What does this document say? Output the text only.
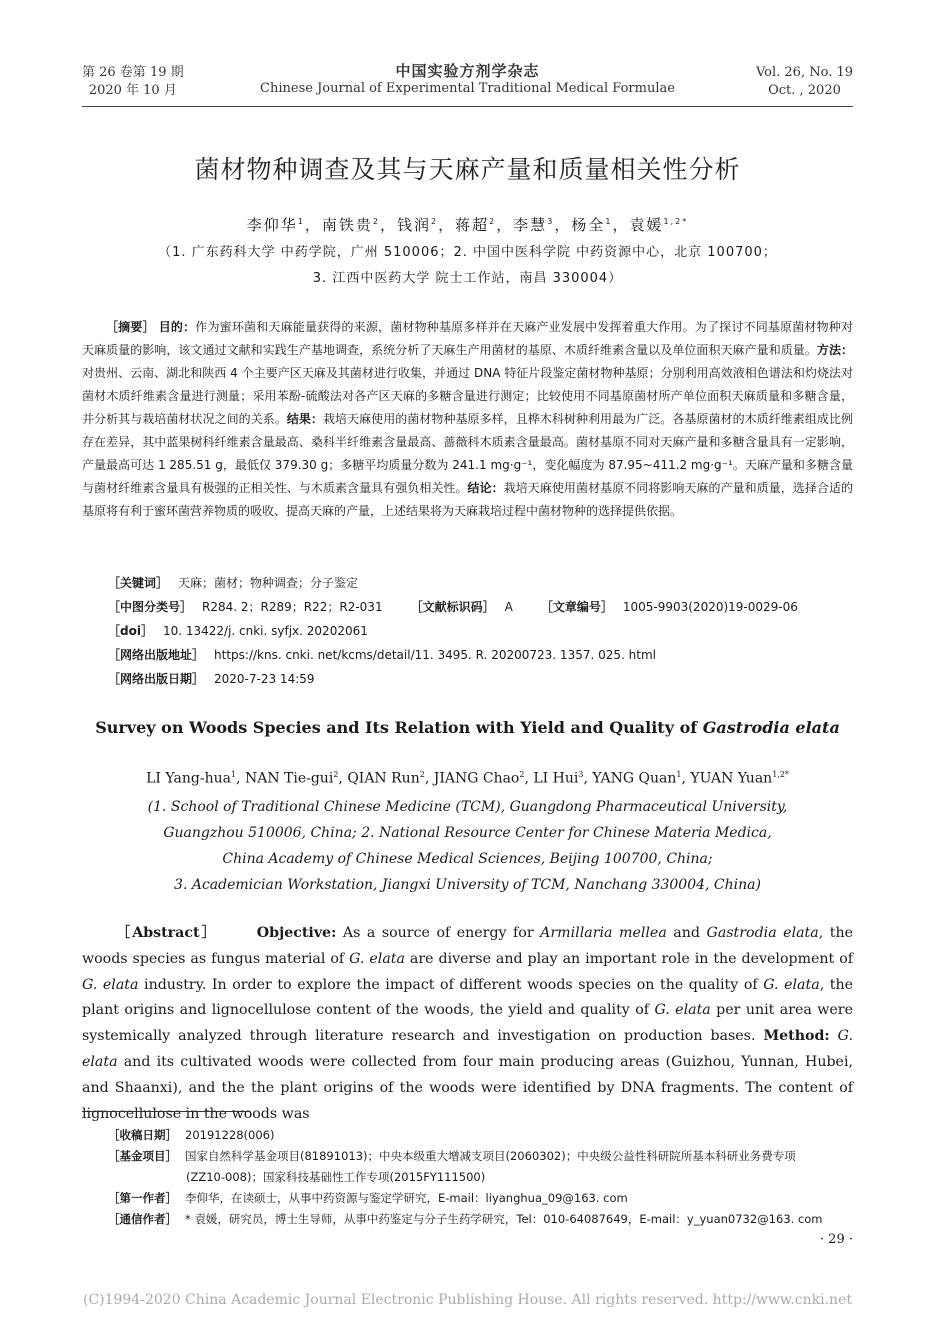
第 26 卷第 19 期
2020 年 10 月
中国实验方剂学杂志
Chinese Journal of Experimental Traditional Medical Formulae
Vol. 26, No. 19
Oct. , 2020
菌材物种调查及其与天麻产量和质量相关性分析
李仰华$^1$，南铁贵$^2$，钱润$^2$，蒋超$^2$，李慧$^3$，杨全$^1$，袁媛$^{1,2*}$
（1. 广东药科大学 中药学院，广州 510006；2. 中国中医科学院 中药资源中心，北京 100700；
3. 江西中医药大学 院士工作站，南昌 330004）
［摘要］ 目的：作为蜜环菌和天麻能量获得的来源，菌材物种基原多样并在天麻产业发展中发挥着重大作用。为了探讨不同基原菌材物种对天麻质量的影响，该文通过文献和实践生产基地调查，系统分析了天麻生产用菌材的基原、木质纤维素含量以及单位面积天麻产量和质量。方法：对贵州、云南、湖北和陕西 4 个主要产区天麻及其菌材进行收集，并通过 DNA 特征片段鉴定菌材物种基原；分别利用高效液相色谱法和灼烧法对菌材木质纤维素含量进行测量；采用苯酚-硫酸法对各产区天麻的多糖含量进行测定；比较使用不同基原菌材所产单位面积天麻质量和多糖含量，并分析其与栽培菌材状况之间的关系。结果：栽培天麻使用的菌材物种基原多样，且桦木科树种利用最为广泛。各基原菌材的木质纤维素组成比例存在差异，其中蓝果树科纤维素含量最高、桑科半纤维素含量最高、蔷薇科木质素含量最高。菌材基原不同对天麻产量和多糖含量具有一定影响，产量最高可达 1 285.51 g，最低仅 379.30 g；多糖平均质量分数为 241.1 mg·g⁻¹，变化幅度为 87.95~411.2 mg·g⁻¹。天麻产量和多糖含量与菌材纤维素含量具有极强的正相关性、与木质素含量具有强负相关性。结论：栽培天麻使用菌材基原不同将影响天麻的产量和质量，选择合适的基原将有利于蜜环菌营养物质的吸收、提高天麻的产量，上述结果将为天麻栽培过程中菌材物种的选择提供依据。
［关键词］ 天麻；菌材；物种调查；分子鉴定
［中图分类号］ R284. 2；R289；R22；R2-031 ［文献标识码］ A ［文章编号］ 1005-9903(2020)19-0029-06
［doi］ 10. 13422/j. cnki. syfjx. 20202061
［网络出版地址］ https://kns. cnki. net/kcms/detail/11. 3495. R. 20200723. 1357. 025. html
［网络出版日期］ 2020-7-23 14:59
Survey on Woods Species and Its Relation with Yield and Quality of Gastrodia elata
LI Yang-hua$^1$, NAN Tie-gui$^2$, QIAN Run$^2$, JIANG Chao$^2$, LI Hui$^3$, YANG Quan$^1$, YUAN Yuan$^{1,2*}$
(1. School of Traditional Chinese Medicine (TCM), Guangdong Pharmaceutical University,
Guangzhou 510006, China; 2. National Resource Center for Chinese Materia Medica,
China Academy of Chinese Medical Sciences, Beijing 100700, China;
3. Academician Workstation, Jiangxi University of TCM, Nanchang 330004, China)
［Abstract］	Objective: As a source of energy for Armillaria mellea and Gastrodia elata, the woods species as fungus material of G. elata are diverse and play an important role in the development of G. elata industry. In order to explore the impact of different woods species on the quality of G. elata, the plant origins and lignocellulose content of the woods, the yield and quality of G. elata per unit area were systemically analyzed through literature research and investigation on production bases. Method: G. elata and its cultivated woods were collected from four main producing areas (Guizhou, Yunnan, Hubei, and Shaanxi), and the the plant origins of the woods were identified by DNA fragments. The content of lignocellulose in the woods was
［收稿日期］ 20191228(006)
［基金项目］ 国家自然科学基金项目(81891013)；中央本级重大增减支项目(2060302)；中央级公益性科研院所基本科研业务费专项
(ZZ10-008)；国家科技基础性工作专项(2015FY111500)
［第一作者］ 李仰华，在读硕士，从事中药资源与鉴定学研究，E-mail：liyanghua_09@163. com
［通信作者］ * 袁媛，研究员，博士生导师，从事中药鉴定与分子生药学研究，Tel：010-64087649，E-mail：y_yuan0732@163. com
· 29 ·
(C)1994-2020 China Academic Journal Electronic Publishing House. All rights reserved. http://www.cnki.net
